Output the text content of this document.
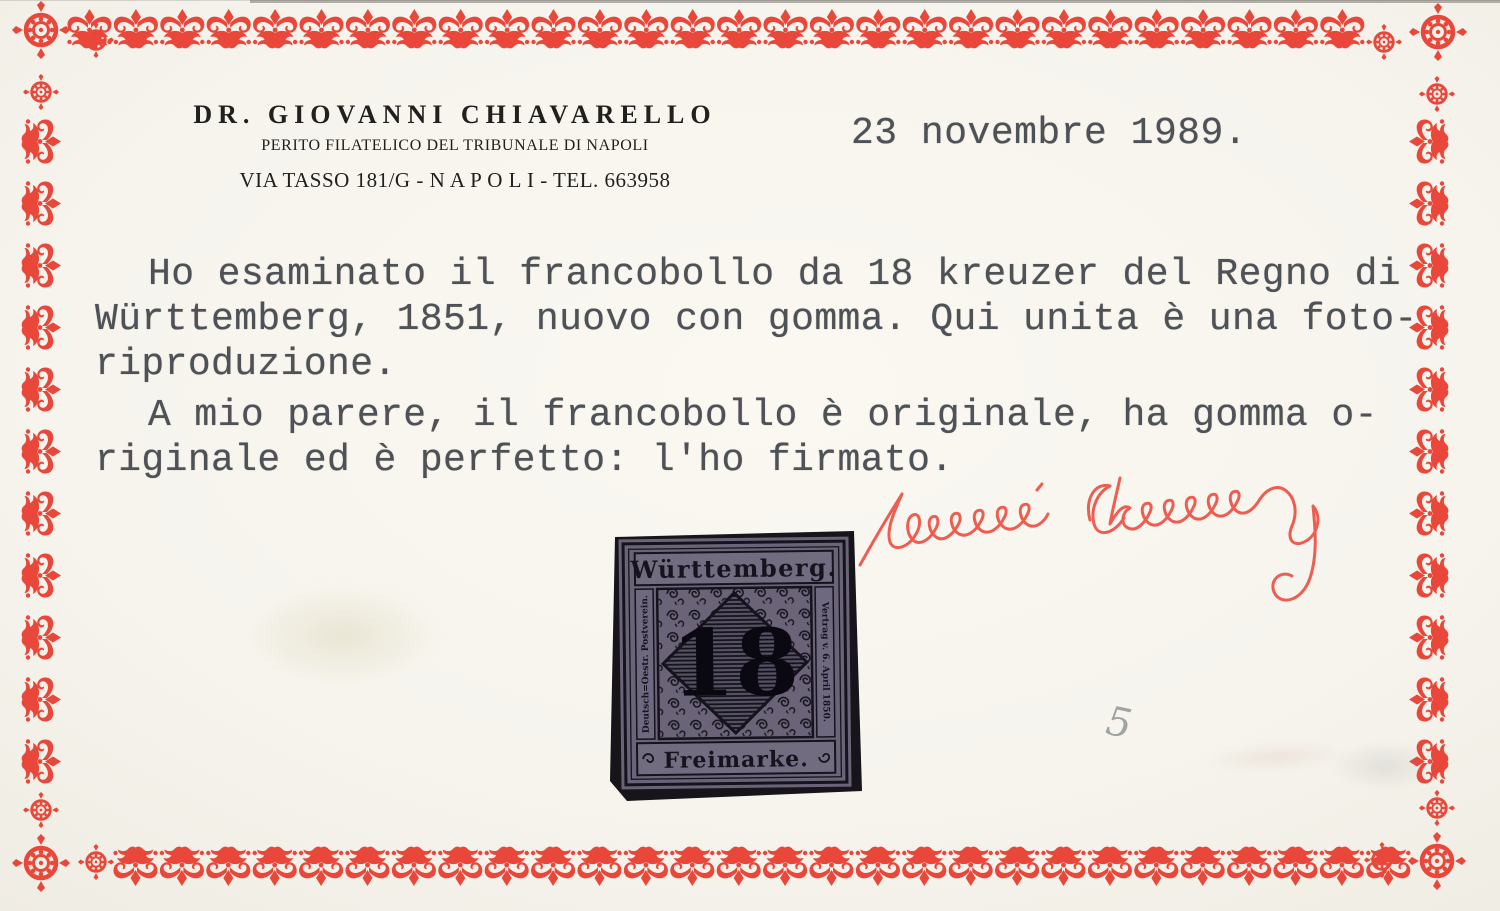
DR. GIOVANNI CHIAVARELLO
PERITO FILATELICO DEL TRIBUNALE DI NAPOLI
VIA TASSO 181/G - N A P O L I - TEL. 663958
23 novembre 1989.
Ho esaminato il francobollo da 18 kreuzer del Regno di
Württemberg, 1851, nuovo con gomma. Qui unita è una foto-
riproduzione.
A mio parere, il francobollo è originale, ha gomma o-
riginale ed è perfetto: l'ho firmato.
Württemberg.
Deutsch=Oestr. Postverein.	Vertrag v. 6. April 1850.
18
Freimarke.
5
